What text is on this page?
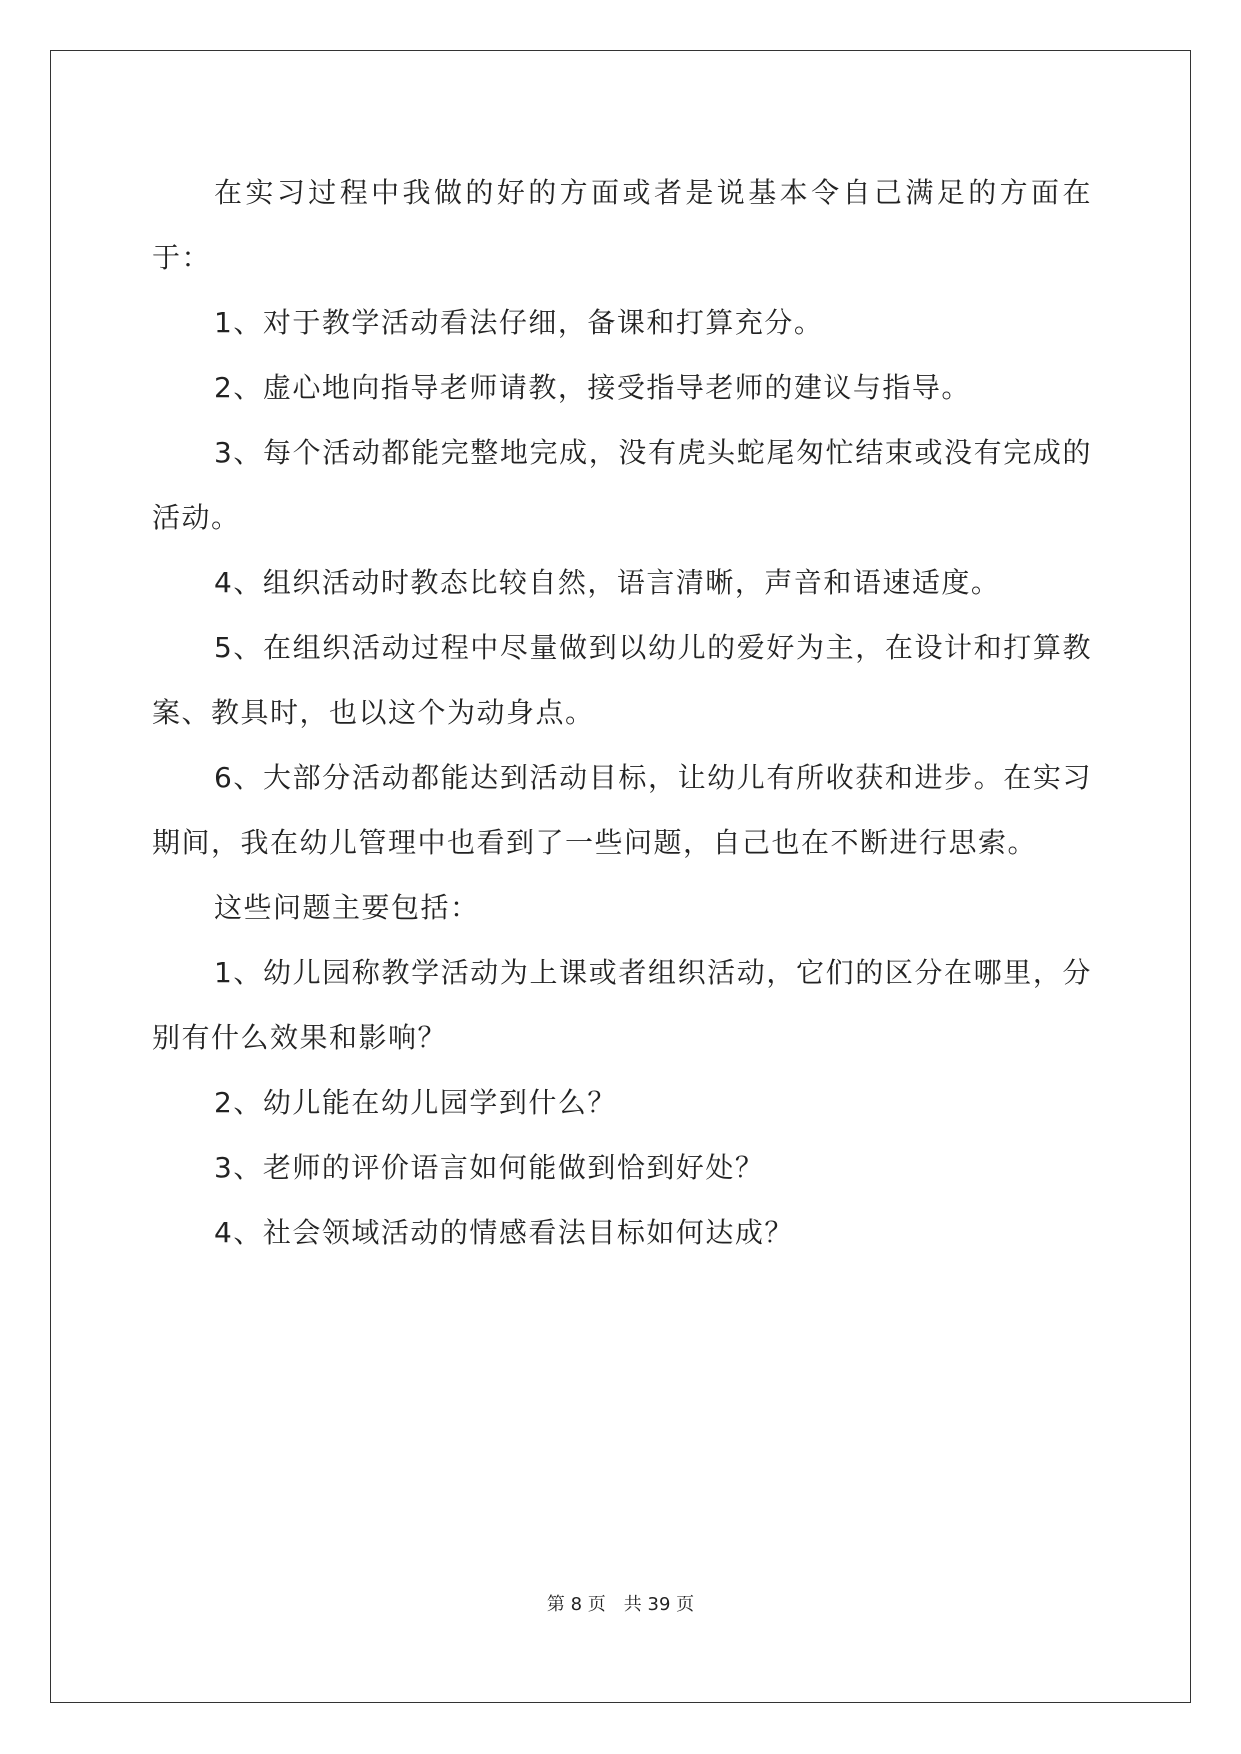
在实习过程中我做的好的方面或者是说基本令自己满足的方面在于：

1、对于教学活动看法仔细，备课和打算充分。

2、虚心地向指导老师请教，接受指导老师的建议与指导。

3、每个活动都能完整地完成，没有虎头蛇尾匆忙结束或没有完成的活动。

4、组织活动时教态比较自然，语言清晰，声音和语速适度。

5、在组织活动过程中尽量做到以幼儿的爱好为主，在设计和打算教案、教具时，也以这个为动身点。

6、大部分活动都能达到活动目标，让幼儿有所收获和进步。在实习期间，我在幼儿管理中也看到了一些问题，自己也在不断进行思索。

这些问题主要包括：

1、幼儿园称教学活动为上课或者组织活动，它们的区分在哪里，分别有什么效果和影响？

2、幼儿能在幼儿园学到什么？

3、老师的评价语言如何能做到恰到好处？

4、社会领域活动的情感看法目标如何达成？

第 8 页　共 39 页
